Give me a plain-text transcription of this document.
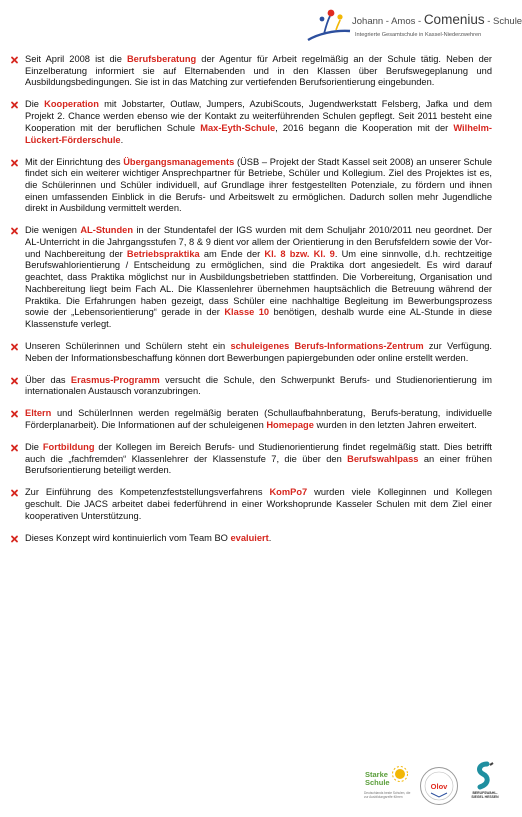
Johann - Amos - Comenius - Schule
Integrierte Gesamtschule in Kassel-Niederzwehren
Seit April 2008 ist die Berufsberatung der Agentur für Arbeit regelmäßig an der Schule tätig. Neben der Einzelberatung informiert sie auf Elternabenden und in den Klassen über Berufswegeplanung und Ausbildungsbedingungen. Sie ist in das Matching zur vertiefenden Berufsorientierung eingebunden.
Die Kooperation mit Jobstarter, Outlaw, Jumpers, AzubiScouts, Jugendwerkstatt Felsberg, Jafka und dem Projekt 2. Chance werden ebenso wie der Kontakt zu weiterführenden Schulen gepflegt. Seit 2011 besteht eine Kooperation mit der beruflichen Schule Max-Eyth-Schule, 2016 begann die Kooperation mit der Wilhelm-Lückert-Förderschule.
Mit der Einrichtung des Übergangsmanagements (ÜSB – Projekt der Stadt Kassel seit 2008) an unserer Schule findet sich ein weiterer wichtiger Ansprechpartner für Betriebe, Schüler und Kollegium. Ziel des Projektes ist es, die Schülerinnen und Schüler individuell, auf Grundlage ihrer festgestellten Potenziale, zu fördern und ihnen einen umfassenden Einblick in die Berufs- und Arbeitswelt zu ermöglichen. Dadurch sollen mehr Jugendliche direkt in Ausbildung vermittelt werden.
Die wenigen AL-Stunden in der Stundentafel der IGS wurden mit dem Schuljahr 2010/2011 neu geordnet. Der AL-Unterricht in die Jahrgangsstufen 7, 8 & 9 dient vor allem der Orientierung in den Berufsfeldern sowie der Vor- und Nachbereitung der Betriebspraktika am Ende der Kl. 8 bzw. Kl. 9. Um eine sinnvolle, d.h. rechtzeitige Berufswahlorientierung / Entscheidung zu ermöglichen, sind die Praktika dort angesiedelt. Es wird darauf geachtet, dass Praktika möglichst nur in Ausbildungsbetrieben stattfinden. Die Vorbereitung, Organisation und Nachbereitung liegt beim Fach AL. Die Klassenlehrer übernehmen hauptsächlich die Betreuung während der Praktika. Die Erfahrungen haben gezeigt, dass Schüler eine nachhaltige Begleitung im Bewerbungsprozess sowie der „Lebensorientierung“ gerade in der Klasse 10 benötigen, deshalb wurde eine AL-Stunde in diese Klassenstufe verlegt.
Unseren Schülerinnen und Schülern steht ein schuleigenes Berufs-Informations-Zentrum zur Verfügung. Neben der Informationsbeschaffung können dort Bewerbungen papiergebunden oder online erstellt werden.
Über das Erasmus-Programm versucht die Schule, den Schwerpunkt Berufs- und Studienorientierung im internationalen Austausch voranzubringen.
Eltern und SchülerInnen werden regelmäßig beraten (Schullaufbahnberatung, Berufs-beratung, individuelle Förderplanarbeit). Die Informationen auf der schuleigenen Homepage wurden in den letzten Jahren erweitert.
Die Fortbildung der Kollegen im Bereich Berufs- und Studienorientierung findet regelmäßig statt. Dies betrifft auch die „fachfremden“ Klassenlehrer der Klassenstufe 7, die über den Berufswahlpass an einer frühen Berufsorientierung beteiligt werden.
Zur Einführung des Kompetenzfeststellungsverfahrens KomPo7 wurden viele Kolleginnen und Kollegen geschult. Die JACS arbeitet dabei federführend in einer Workshoprunde Kasseler Schulen mit dem Ziel einer kooperativen Unterstützung.
Dieses Konzept wird kontinuierlich vom Team BO evaluiert.
Starke
Schule
Deutschlands beste Schulen, die zur Ausbildungsreife führen
Olov
BERUFSWAHL-SIEGEL HESSEN
